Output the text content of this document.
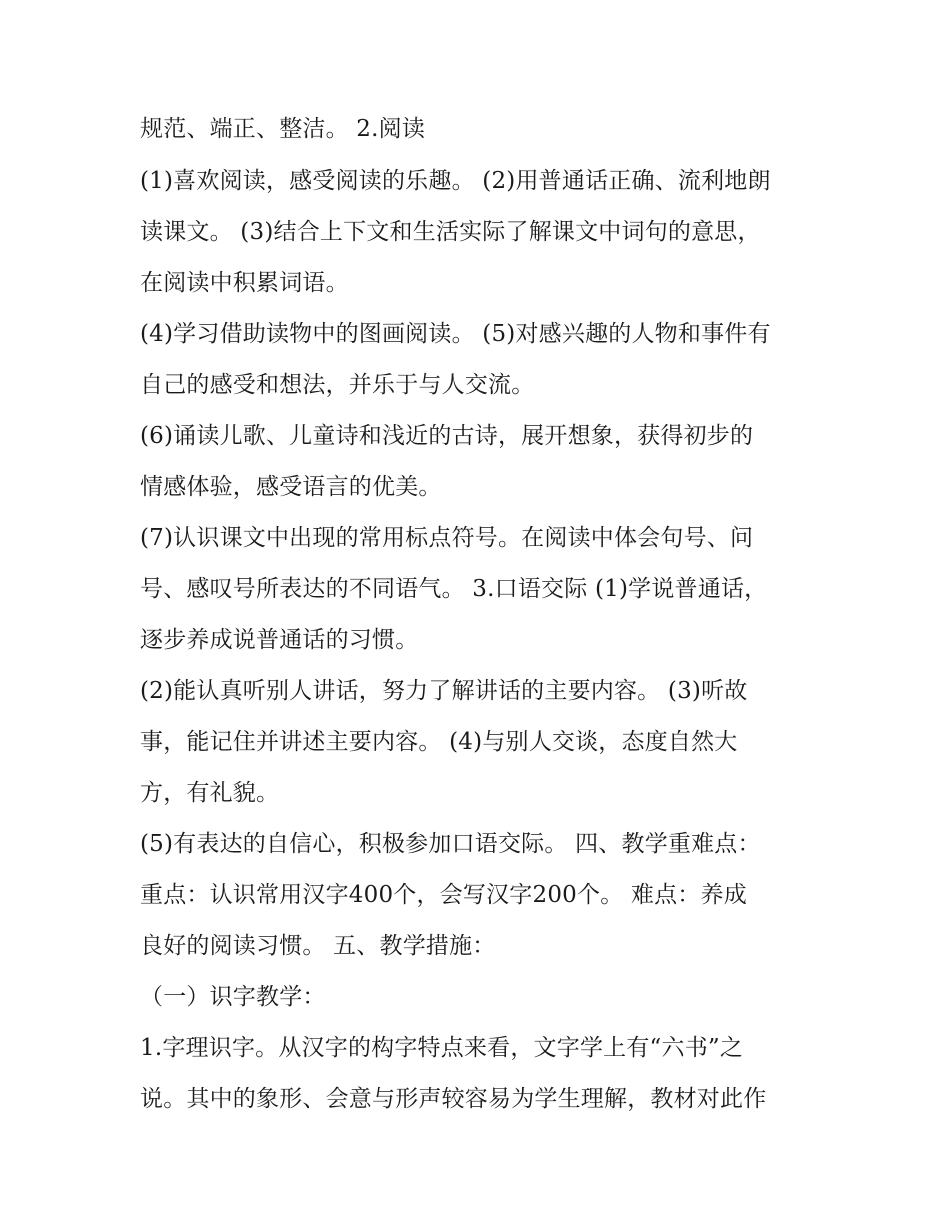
规范、端正、整洁。 2.阅读
(1)喜欢阅读，感受阅读的乐趣。 (2)用普通话正确、流利地朗
读课文。 (3)结合上下文和生活实际了解课文中词句的意思，
在阅读中积累词语。
(4)学习借助读物中的图画阅读。 (5)对感兴趣的人物和事件有
自己的感受和想法，并乐于与人交流。
(6)诵读儿歌、儿童诗和浅近的古诗，展开想象，获得初步的
情感体验，感受语言的优美。
(7)认识课文中出现的常用标点符号。在阅读中体会句号、问
号、感叹号所表达的不同语气。 3.口语交际 (1)学说普通话，
逐步养成说普通话的习惯。
(2)能认真听别人讲话，努力了解讲话的主要内容。 (3)听故
事，能记住并讲述主要内容。 (4)与别人交谈，态度自然大
方，有礼貌。
(5)有表达的自信心，积极参加口语交际。 四、教学重难点：
重点：认识常用汉字400个，会写汉字200个。 难点：养成
良好的阅读习惯。 五、教学措施：
（一）识字教学：
1.字理识字。从汉字的构字特点来看，文字学上有“六书”之
说。其中的象形、会意与形声较容易为学生理解，教材对此作
